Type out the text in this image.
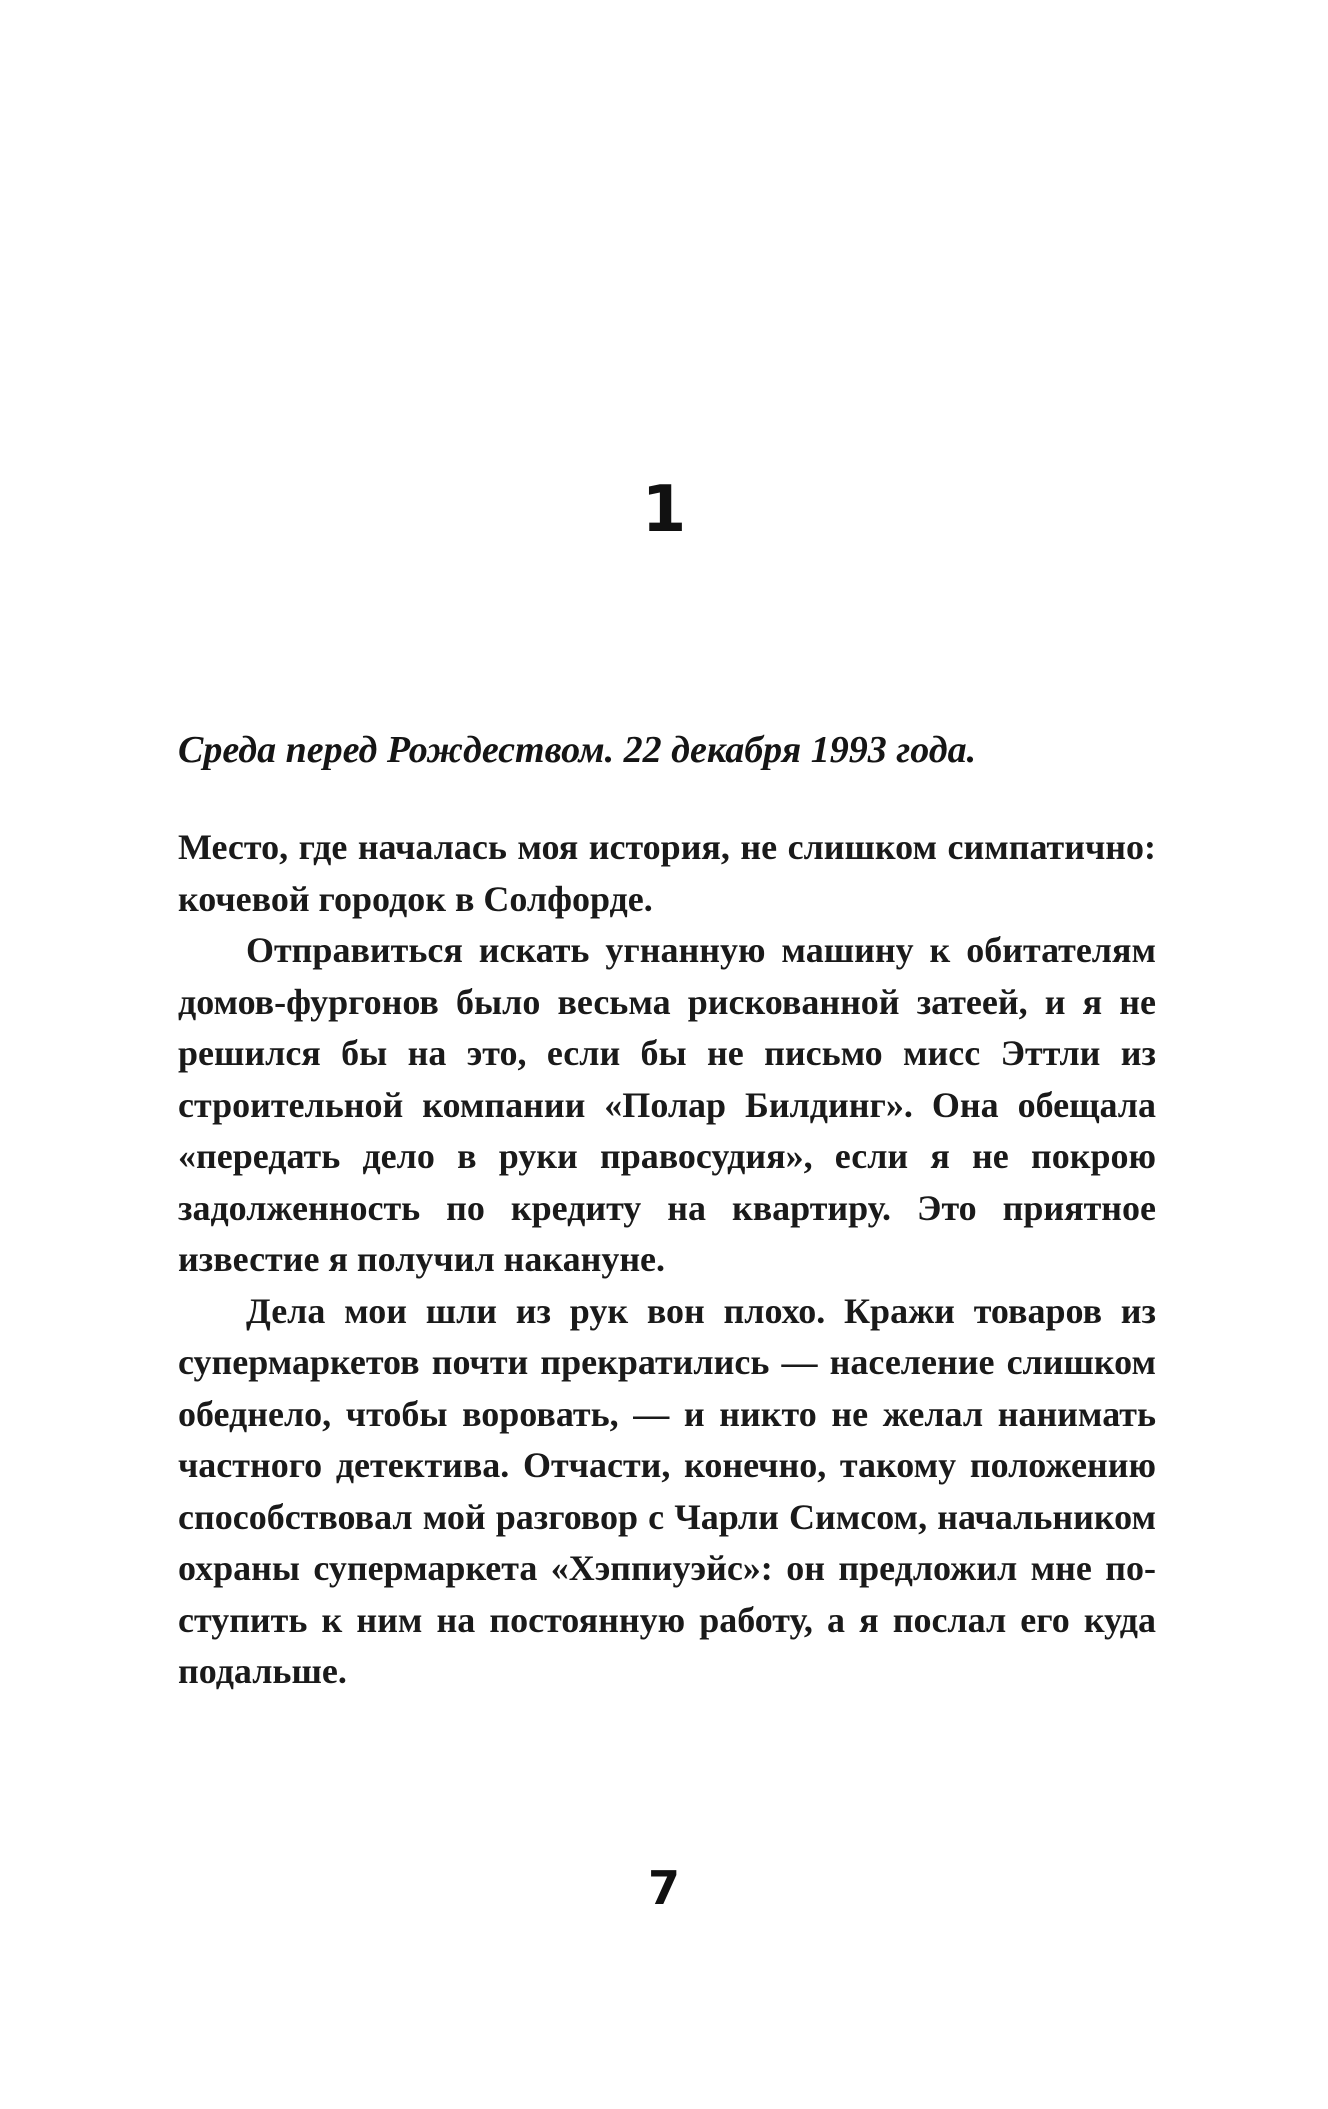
1

Среда перед Рождеством. 22 декабря 1993 года.

Место, где началась моя история, не слишком симпатично: кочевой городок в Солфорде.

Отправиться искать угнанную машину к обитателям домов-фургонов было весьма рискованной затеей, и я не решился бы на это, если бы не письмо мисс Эттли из строительной компании «Полар Билдинг». Она обещала «передать дело в руки правосудия», если я не покрою задолженность по кредиту на квартиру. Это приятное известие я получил накануне.

Дела мои шли из рук вон плохо. Кражи товаров из супермаркетов почти прекратились — население слишком обеднело, чтобы воровать, — и никто не желал нанимать частного детектива. Отчасти, конечно, такому положению способствовал мой разговор с Чарли Симсом, начальником охраны супермаркета «Хэппиуэйс»: он предложил мне поступить к ним на постоянную работу, а я послал его куда подальше.

7
